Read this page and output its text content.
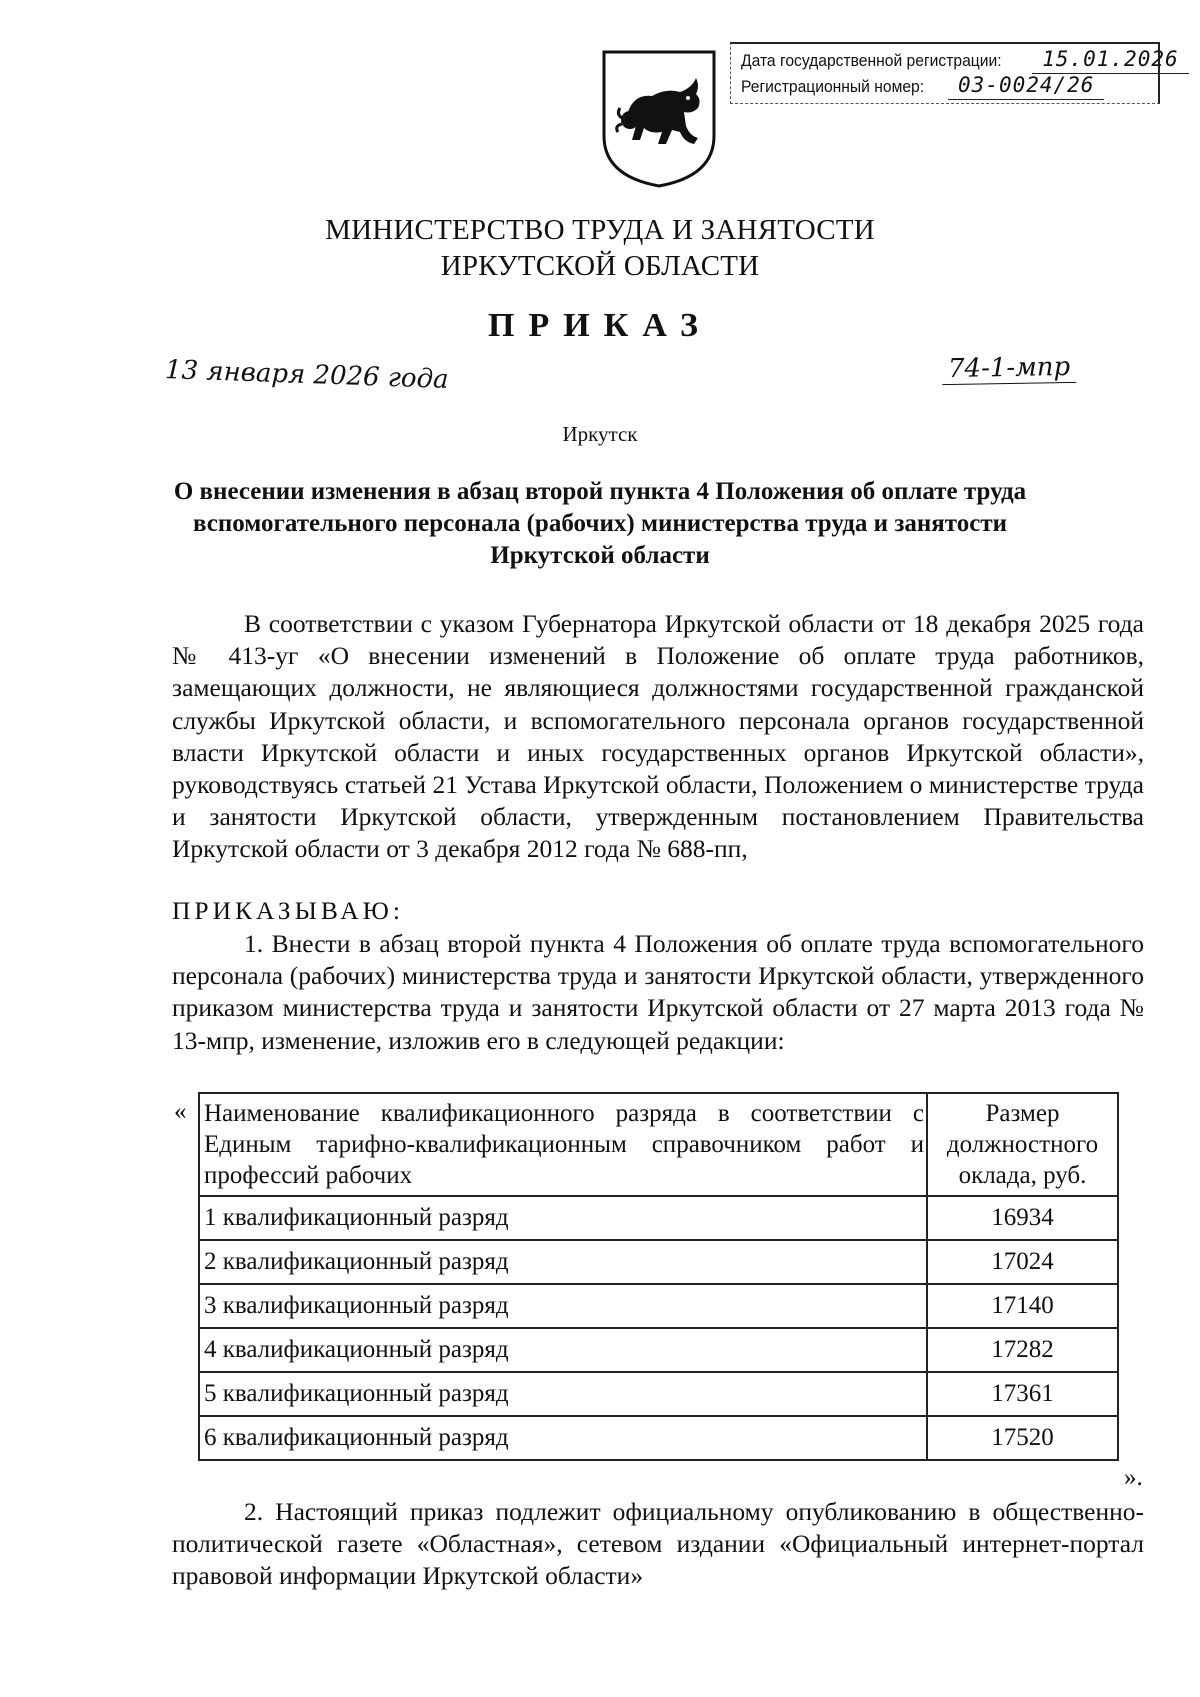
Дата государственной регистрации:	15.01.2026
Регистрационный номер:	03-0024/26
МИНИСТЕРСТВО ТРУДА И ЗАНЯТОСТИ
ИРКУТСКОЙ ОБЛАСТИ
ПРИКАЗ
13 января 2026 года	74-1-мпр
Иркутск
О внесении изменения в абзац второй пункта 4 Положения об оплате труда вспомогательного персонала (рабочих) министерства труда и занятости Иркутской области
В соответствии с указом Губернатора Иркутской области от 18 декабря 2025 года № 413-уг «О внесении изменений в Положение об оплате труда работников, замещающих должности, не являющиеся должностями государственной гражданской службы Иркутской области, и вспомогательного персонала органов государственной власти Иркутской области и иных государственных органов Иркутской области», руководствуясь статьей 21 Устава Иркутской области, Положением о министерстве труда и занятости Иркутской области, утвержденным постановлением Правительства Иркутской области от 3 декабря 2012 года № 688-пп,
ПРИКАЗЫВАЮ:
1. Внести в абзац второй пункта 4 Положения об оплате труда вспомогательного персонала (рабочих) министерства труда и занятости Иркутской области, утвержденного приказом министерства труда и занятости Иркутской области от 27 марта 2013 года № 13-мпр, изменение, изложив его в следующей редакции:
« Наименование квалификационного разряда в соответствии с Единым тарифно-квалификационным справочником работ и профессий рабочих	Размер должностного оклада, руб.
1 квалификационный разряд	16934
2 квалификационный разряд	17024
3 квалификационный разряд	17140
4 квалификационный разряд	17282
5 квалификационный разряд	17361
6 квалификационный разряд	17520
».
2. Настоящий приказ подлежит официальному опубликованию в общественно-политической газете «Областная», сетевом издании «Официальный интернет-портал правовой информации Иркутской области»
